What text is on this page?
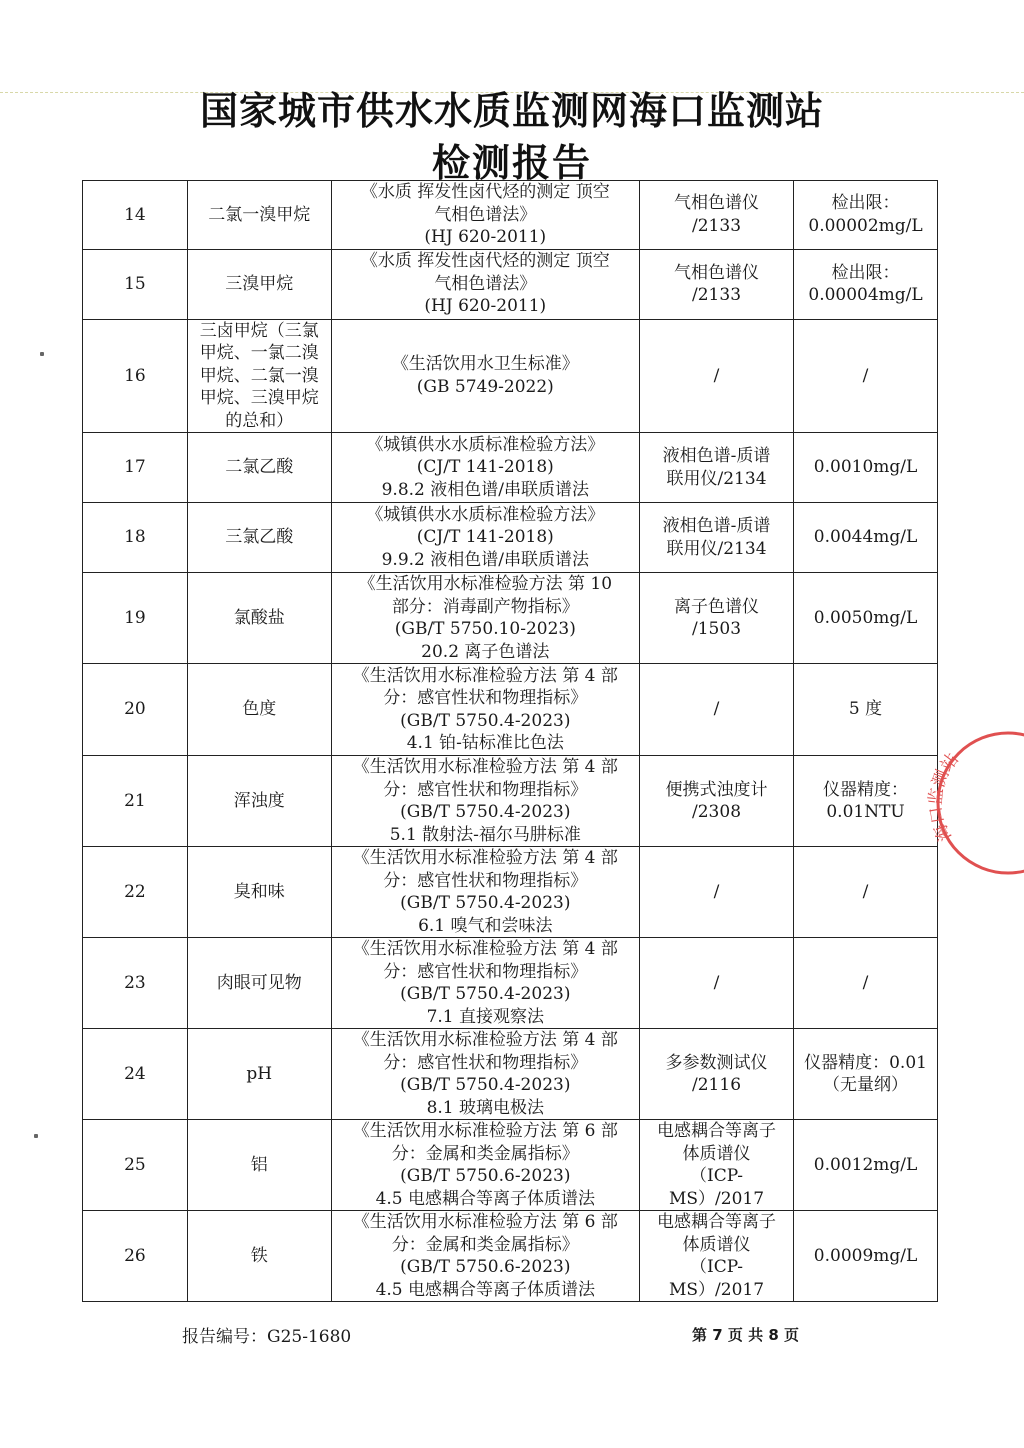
国家城市供水水质监测网海口监测站
检测报告
14	二氯一溴甲烷	《水质 挥发性卤代烃的测定 顶空
气相色谱法》
(HJ 620-2011)	气相色谱仪
/2133	检出限：
0.00002mg/L

15	三溴甲烷	《水质 挥发性卤代烃的测定 顶空
气相色谱法》
(HJ 620-2011)	气相色谱仪
/2133	检出限：
0.00004mg/L

16	三卤甲烷（三氯
甲烷、一氯二溴
甲烷、二氯一溴
甲烷、三溴甲烷
的总和）	《生活饮用水卫生标准》
(GB 5749-2022)	/	/

17	二氯乙酸	《城镇供水水质标准检验方法》
(CJ/T 141-2018)
9.8.2 液相色谱/串联质谱法	液相色谱-质谱
联用仪/2134	0.0010mg/L

18	三氯乙酸	《城镇供水水质标准检验方法》
(CJ/T 141-2018)
9.9.2 液相色谱/串联质谱法	液相色谱-质谱
联用仪/2134	0.0044mg/L

19	氯酸盐	《生活饮用水标准检验方法 第 10
部分：消毒副产物指标》
(GB/T 5750.10-2023)
20.2 离子色谱法	离子色谱仪
/1503	0.0050mg/L

20	色度	《生活饮用水标准检验方法 第 4 部
分：感官性状和物理指标》
(GB/T 5750.4-2023)
4.1 铂-钴标准比色法	/	5 度

21	浑浊度	《生活饮用水标准检验方法 第 4 部
分：感官性状和物理指标》
(GB/T 5750.4-2023)
5.1 散射法-福尔马肼标准	便携式浊度计
/2308	仪器精度：
0.01NTU

22	臭和味	《生活饮用水标准检验方法 第 4 部
分：感官性状和物理指标》
(GB/T 5750.4-2023)
6.1 嗅气和尝味法	/	/

23	肉眼可见物	《生活饮用水标准检验方法 第 4 部
分：感官性状和物理指标》
(GB/T 5750.4-2023)
7.1 直接观察法	/	/

24	pH	《生活饮用水标准检验方法 第 4 部
分：感官性状和物理指标》
(GB/T 5750.4-2023)
8.1 玻璃电极法	多参数测试仪
/2116	仪器精度：0.01
（无量纲）

25	铝	《生活饮用水标准检验方法 第 6 部
分：金属和类金属指标》
(GB/T 5750.6-2023)
4.5 电感耦合等离子体质谱法	电感耦合等离子
体质谱仪
（ICP-MS）/2017	0.0012mg/L

26	铁	《生活饮用水标准检验方法 第 6 部
分：金属和类金属指标》
(GB/T 5750.6-2023)
4.5 电感耦合等离子体质谱法	电感耦合等离子
体质谱仪
（ICP-MS）/2017	0.0009mg/L
报告编号：G25-1680	第 7 页 共 8 页
海口监测站
